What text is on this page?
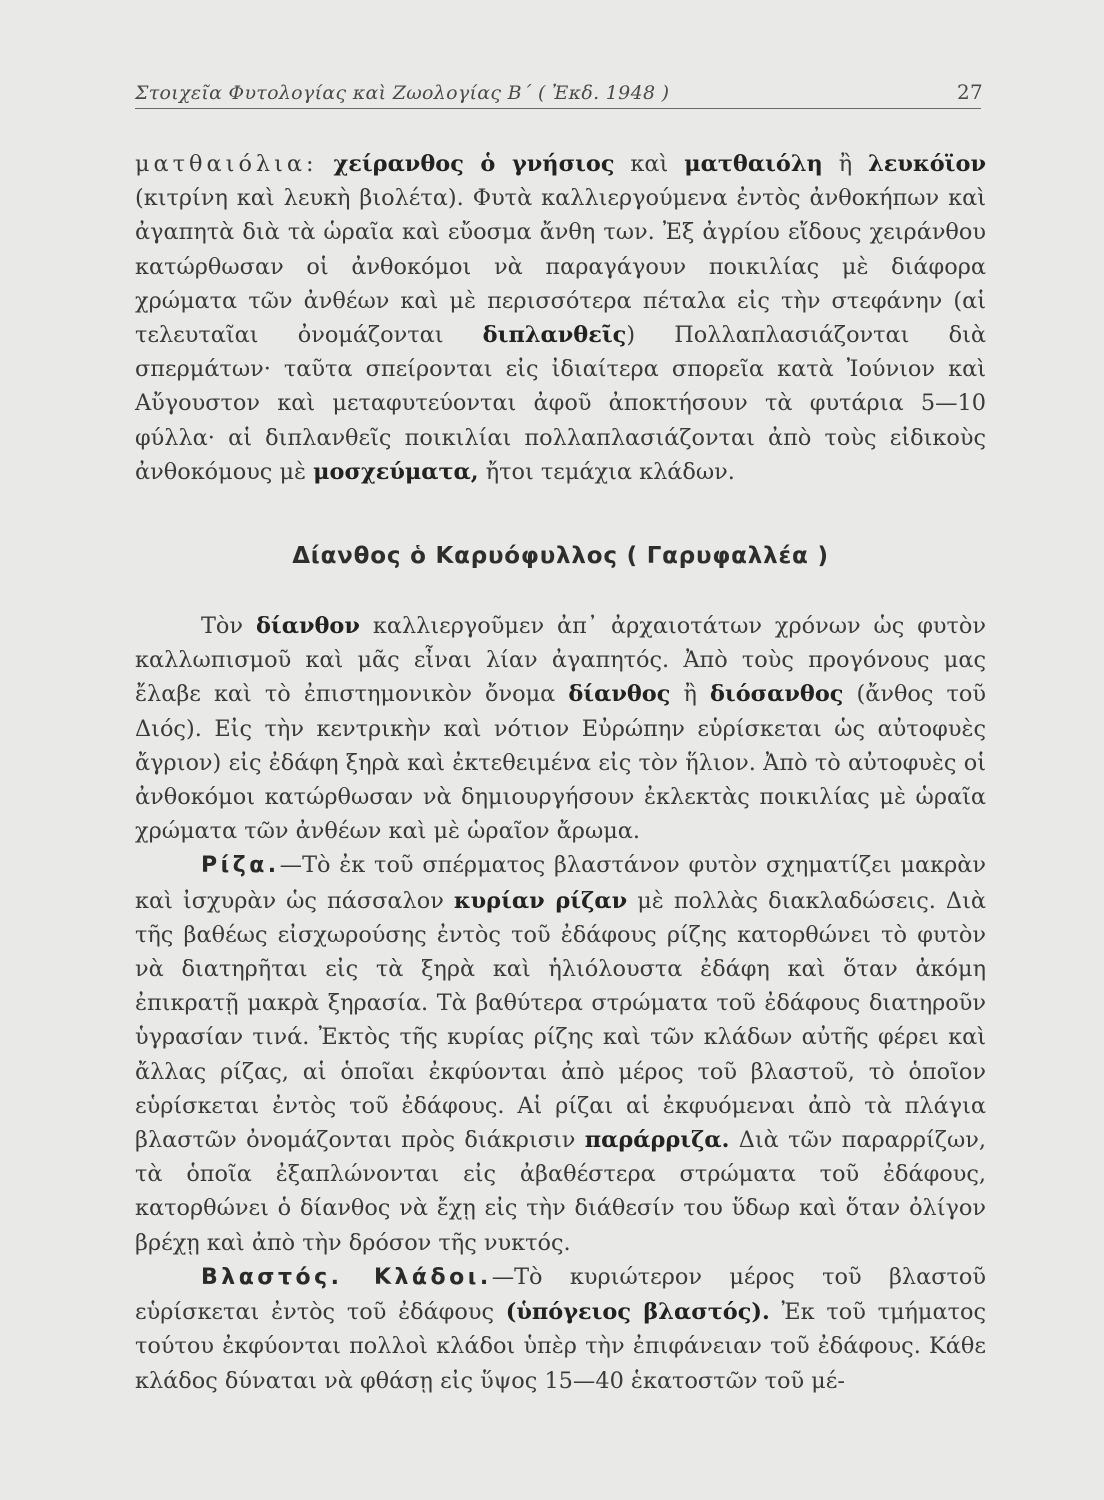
Στοιχεῖα Φυτολογίας καὶ Ζωολογίας Β΄ ( Ἐκδ. 1948 )	27

ματθαιόλια: χείρανθος ὁ γνήσιος καὶ ματθαιόλη ἢ λευκόϊον (κιτρίνη καὶ λευκὴ βιολέτα). Φυτὰ καλλιεργούμενα ἐντὸς ἀνθοκήπων καὶ ἀγαπητὰ διὰ τὰ ὡραῖα καὶ εὔοσμα ἄνθη των. Ἐξ ἀγρίου εἴδους χειράνθου κατώρθωσαν οἱ ἀνθοκόμοι νὰ παραγάγουν ποικιλίας μὲ διάφορα χρώματα τῶν ἀνθέων καὶ μὲ περισσότερα πέταλα εἰς τὴν στεφάνην (αἱ τελευταῖαι ὀνομάζονται διπλανθεῖς) Πολλαπλασιάζονται διὰ σπερμάτων· ταῦτα σπείρονται εἰς ἰδιαίτερα σπορεῖα κατὰ Ἰούνιον καὶ Αὔγουστον καὶ μεταφυτεύονται ἀφοῦ ἀποκτήσουν τὰ φυτάρια 5—10 φύλλα· αἱ διπλανθεῖς ποικιλίαι πολλαπλασιάζονται ἀπὸ τοὺς εἰδικοὺς ἀνθοκόμους μὲ μοσχεύματα, ἤτοι τεμάχια κλάδων.

Δίανθος ὁ Καρυόφυλλος ( Γαρυφαλλέα )

Τὸν δίανθον καλλιεργοῦμεν ἀπ᾿ ἀρχαιοτάτων χρόνων ὡς φυτὸν καλλωπισμοῦ καὶ μᾶς εἶναι λίαν ἀγαπητός. Ἀπὸ τοὺς προγόνους μας ἔλαβε καὶ τὸ ἐπιστημονικὸν ὄνομα δίανθος ἢ διόσανθος (ἄνθος τοῦ Διός). Εἰς τὴν κεντρικὴν καὶ νότιον Εὐρώπην εὑρίσκεται ὡς αὐτοφυὲς ἄγριον) εἰς ἐδάφη ξηρὰ καὶ ἐκτεθειμένα εἰς τὸν ἥλιον. Ἀπὸ τὸ αὐτοφυὲς οἱ ἀνθοκόμοι κατώρθωσαν νὰ δημιουργήσουν ἐκλεκτὰς ποικιλίας μὲ ὡραῖα χρώματα τῶν ἀνθέων καὶ μὲ ὡραῖον ἄρωμα.

Ρίζα.—Τὸ ἐκ τοῦ σπέρματος βλαστάνον φυτὸν σχηματίζει μακρὰν καὶ ἰσχυρὰν ὡς πάσσαλον κυρίαν ρίζαν μὲ πολλὰς διακλαδώσεις. Διὰ τῆς βαθέως εἰσχωρούσης ἐντὸς τοῦ ἐδάφους ρίζης κατορθώνει τὸ φυτὸν νὰ διατηρῆται εἰς τὰ ξηρὰ καὶ ἡλιόλουστα ἐδάφη καὶ ὅταν ἀκόμη ἐπικρατῇ μακρὰ ξηρασία. Τὰ βαθύτερα στρώματα τοῦ ἐδάφους διατηροῦν ὑγρασίαν τινά. Ἐκτὸς τῆς κυρίας ρίζης καὶ τῶν κλάδων αὐτῆς φέρει καὶ ἄλλας ρίζας, αἱ ὁποῖαι ἐκφύονται ἀπὸ μέρος τοῦ βλαστοῦ, τὸ ὁποῖον εὑρίσκεται ἐντὸς τοῦ ἐδάφους. Αἱ ρίζαι αἱ ἐκφυόμεναι ἀπὸ τὰ πλάγια βλαστῶν ὀνομάζονται πρὸς διάκρισιν παράρριζα. Διὰ τῶν παραρρίζων, τὰ ὁποῖα ἐξαπλώνονται εἰς ἀβαθέστερα στρώματα τοῦ ἐδάφους, κατορθώνει ὁ δίανθος νὰ ἔχῃ εἰς τὴν διάθεσίν του ὕδωρ καὶ ὅταν ὀλίγον βρέχῃ καὶ ἀπὸ τὴν δρόσον τῆς νυκτός.

Βλαστός. Κλάδοι.—Τὸ κυριώτερον μέρος τοῦ βλαστοῦ εὑρίσκεται ἐντὸς τοῦ ἐδάφους (ὑπόγειος βλαστός). Ἐκ τοῦ τμήματος τούτου ἐκφύονται πολλοὶ κλάδοι ὑπὲρ τὴν ἐπιφάνειαν τοῦ ἐδάφους. Κάθε κλάδος δύναται νὰ φθάσῃ εἰς ὕψος 15—40 ἑκατοστῶν τοῦ μέ-
